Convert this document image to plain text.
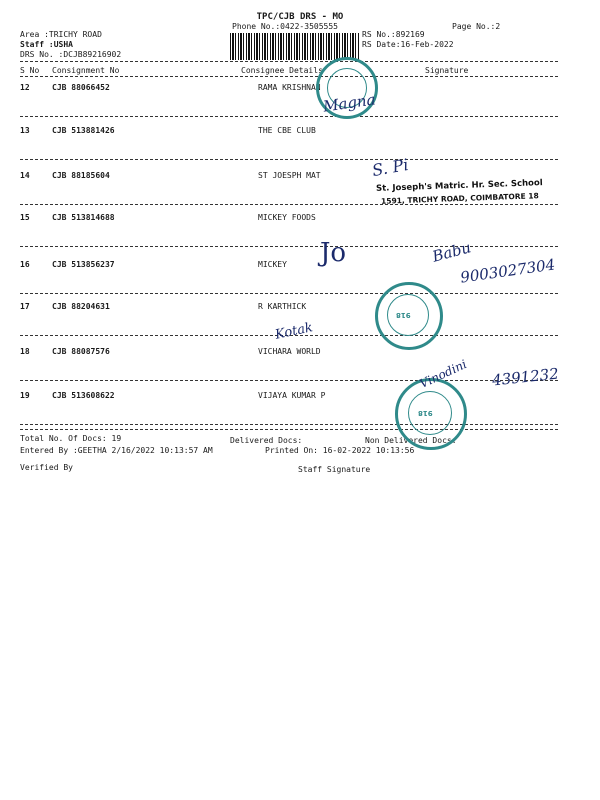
TPC/CJB DRS - MO
Phone No.:0422-3505555	Page No.:2
Area :TRICHY ROAD
Staff :USHA
DRS No. :DCJB89216902
RS No.:892169
RS Date:16-Feb-2022
S No Consignment No	Consignee Details	Signature
12	CJB 88066452	RAMA KRISHNAN
13	CJB 513881426	THE CBE CLUB
14	CJB 88185604	ST JOESPH MAT
15	CJB 513814688	MICKEY FOODS
16	CJB 513856237	MICKEY
17	CJB 88204631	R KARTHICK
18	CJB 88087576	VICHARA WORLD
19	CJB 513608622	VIJAYA KUMAR P
Total No. Of Docs: 19	Delivered Docs:	Non Delivered Docs:
Entered By :GEETHA 2/16/2022 10:13:57 AM	Printed On: 16-02-2022 10:13:56
Verified By	Staff Signature
St. Joseph's Matric. Hr. Sec. School
1591, TRICHY ROAD, COIMBATORE 18
918
918
Magna
S. Pi
Jo	Babu
9003027304
Kotak
Vinodini 4391232
